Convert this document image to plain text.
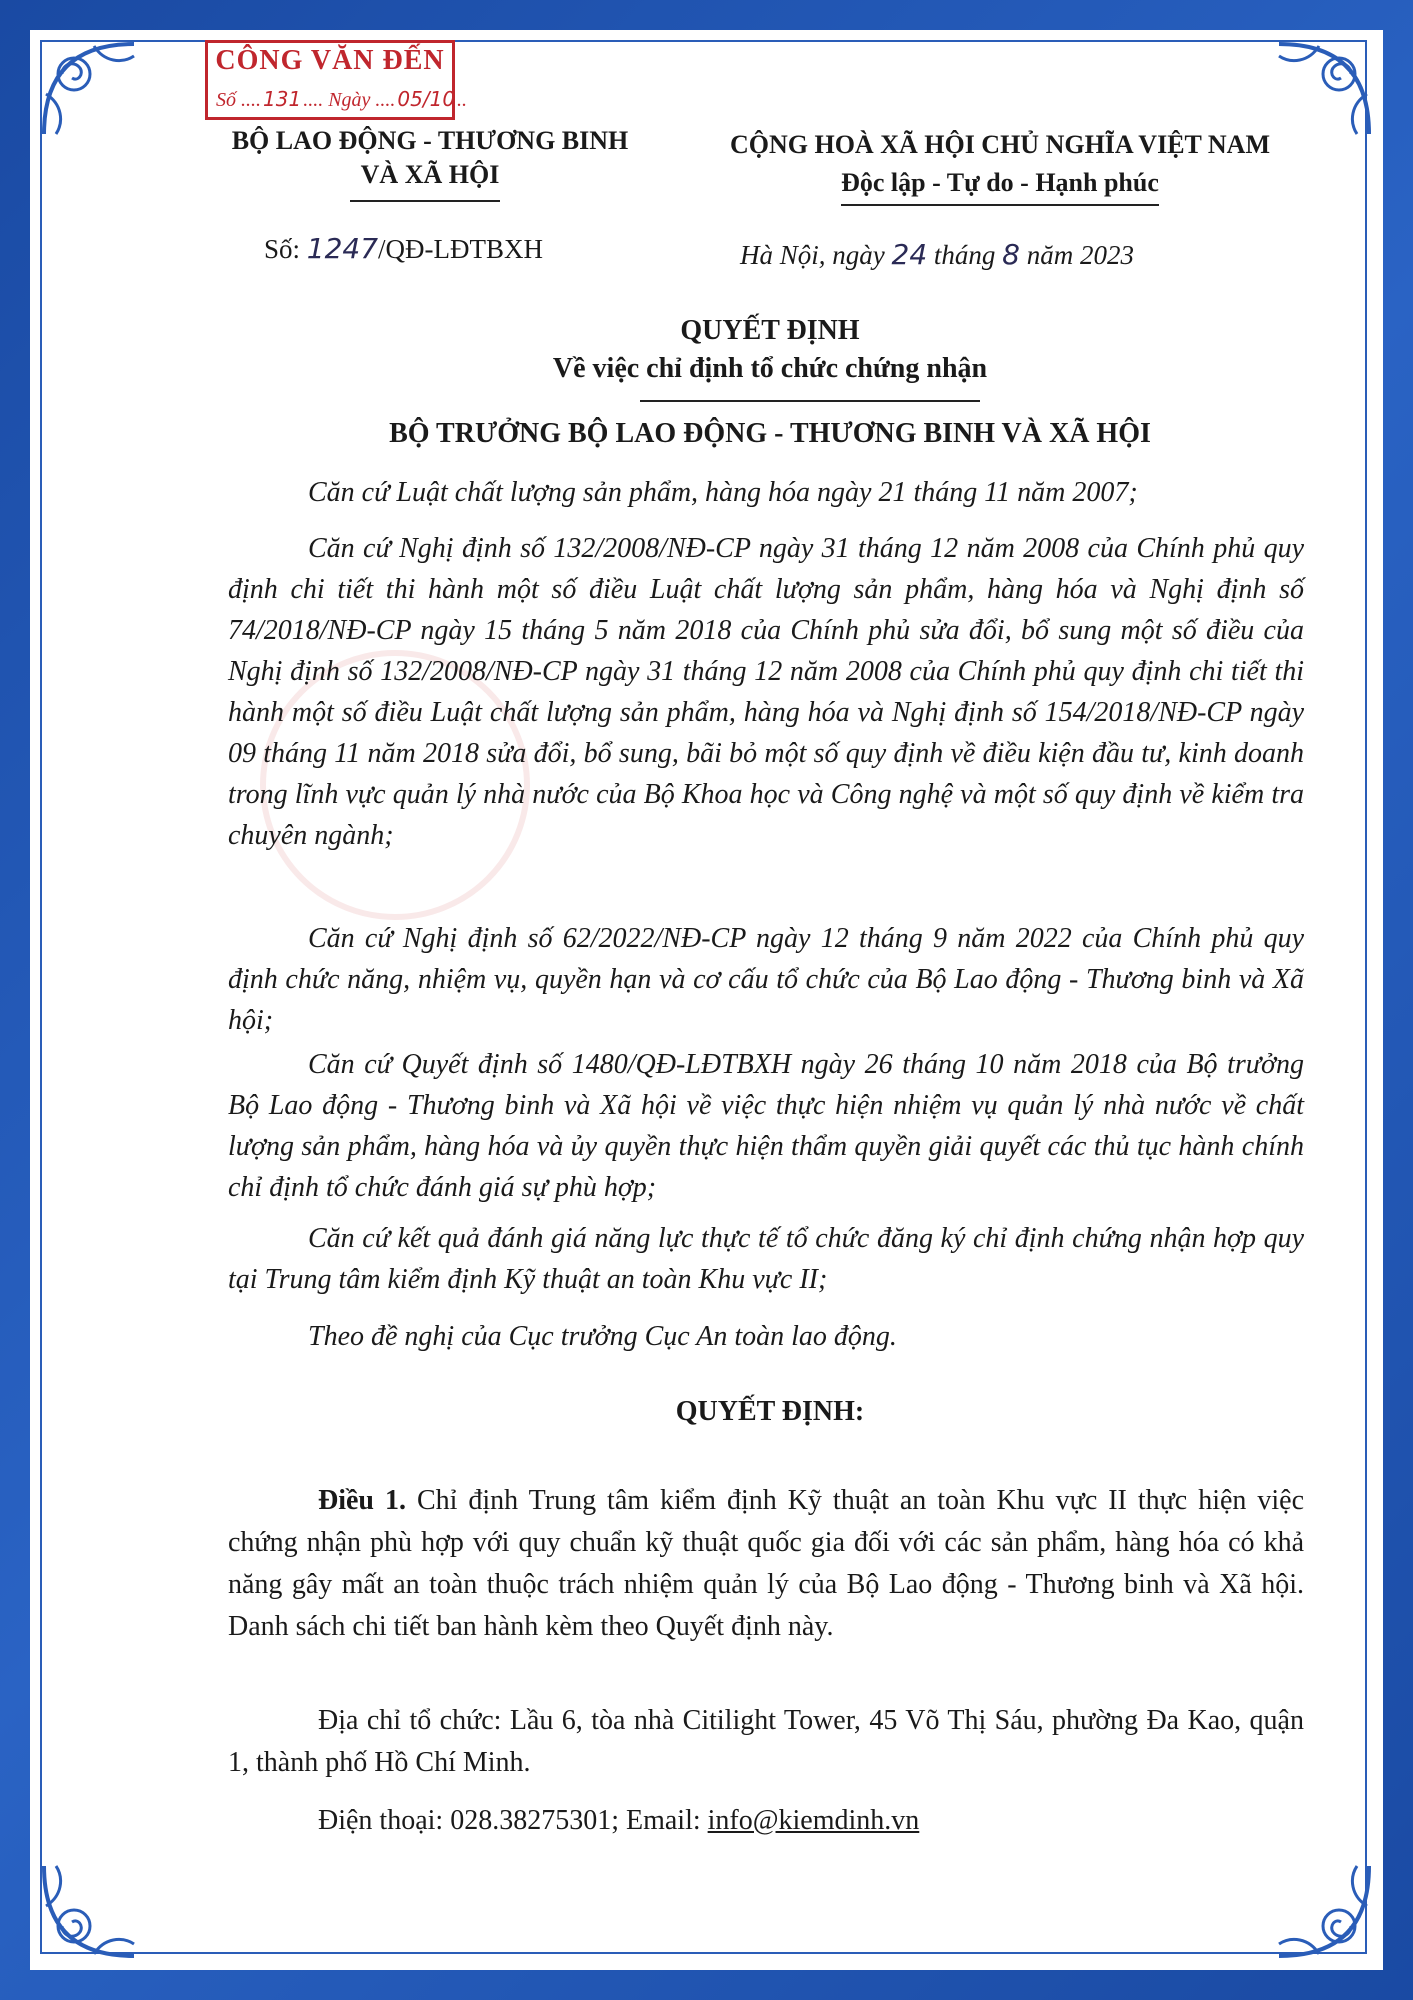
CÔNG VĂN ĐẾN
Số .... 131 .... Ngày .... 05/10 ..
BỘ LAO ĐỘNG - THƯƠNG BINH
VÀ XÃ HỘI
CỘNG HOÀ XÃ HỘI CHỦ NGHĨA VIỆT NAM
Độc lập - Tự do - Hạnh phúc
Số: 1247/QĐ-LĐTBXH	Hà Nội, ngày 24 tháng 8 năm 2023
QUYẾT ĐỊNH
Về việc chỉ định tổ chức chứng nhận
BỘ TRƯỞNG BỘ LAO ĐỘNG - THƯƠNG BINH VÀ XÃ HỘI
Căn cứ Luật chất lượng sản phẩm, hàng hóa ngày 21 tháng 11 năm 2007;
Căn cứ Nghị định số 132/2008/NĐ-CP ngày 31 tháng 12 năm 2008 của Chính phủ quy định chi tiết thi hành một số điều Luật chất lượng sản phẩm, hàng hóa và Nghị định số 74/2018/NĐ-CP ngày 15 tháng 5 năm 2018 của Chính phủ sửa đổi, bổ sung một số điều của Nghị định số 132/2008/NĐ-CP ngày 31 tháng 12 năm 2008 của Chính phủ quy định chi tiết thi hành một số điều Luật chất lượng sản phẩm, hàng hóa và Nghị định số 154/2018/NĐ-CP ngày 09 tháng 11 năm 2018 sửa đổi, bổ sung, bãi bỏ một số quy định về điều kiện đầu tư, kinh doanh trong lĩnh vực quản lý nhà nước của Bộ Khoa học và Công nghệ và một số quy định về kiểm tra chuyên ngành;
Căn cứ Nghị định số 62/2022/NĐ-CP ngày 12 tháng 9 năm 2022 của Chính phủ quy định chức năng, nhiệm vụ, quyền hạn và cơ cấu tổ chức của Bộ Lao động - Thương binh và Xã hội;
Căn cứ Quyết định số 1480/QĐ-LĐTBXH ngày 26 tháng 10 năm 2018 của Bộ trưởng Bộ Lao động - Thương binh và Xã hội về việc thực hiện nhiệm vụ quản lý nhà nước về chất lượng sản phẩm, hàng hóa và ủy quyền thực hiện thẩm quyền giải quyết các thủ tục hành chính chỉ định tổ chức đánh giá sự phù hợp;
Căn cứ kết quả đánh giá năng lực thực tế tổ chức đăng ký chỉ định chứng nhận hợp quy tại Trung tâm kiểm định Kỹ thuật an toàn Khu vực II;
Theo đề nghị của Cục trưởng Cục An toàn lao động.
QUYẾT ĐỊNH:
Điều 1. Chỉ định Trung tâm kiểm định Kỹ thuật an toàn Khu vực II thực hiện việc chứng nhận phù hợp với quy chuẩn kỹ thuật quốc gia đối với các sản phẩm, hàng hóa có khả năng gây mất an toàn thuộc trách nhiệm quản lý của Bộ Lao động - Thương binh và Xã hội. Danh sách chi tiết ban hành kèm theo Quyết định này.
Địa chỉ tổ chức: Lầu 6, tòa nhà Citilight Tower, 45 Võ Thị Sáu, phường Đa Kao, quận 1, thành phố Hồ Chí Minh.
Điện thoại: 028.38275301; Email: info@kiemdinh.vn
